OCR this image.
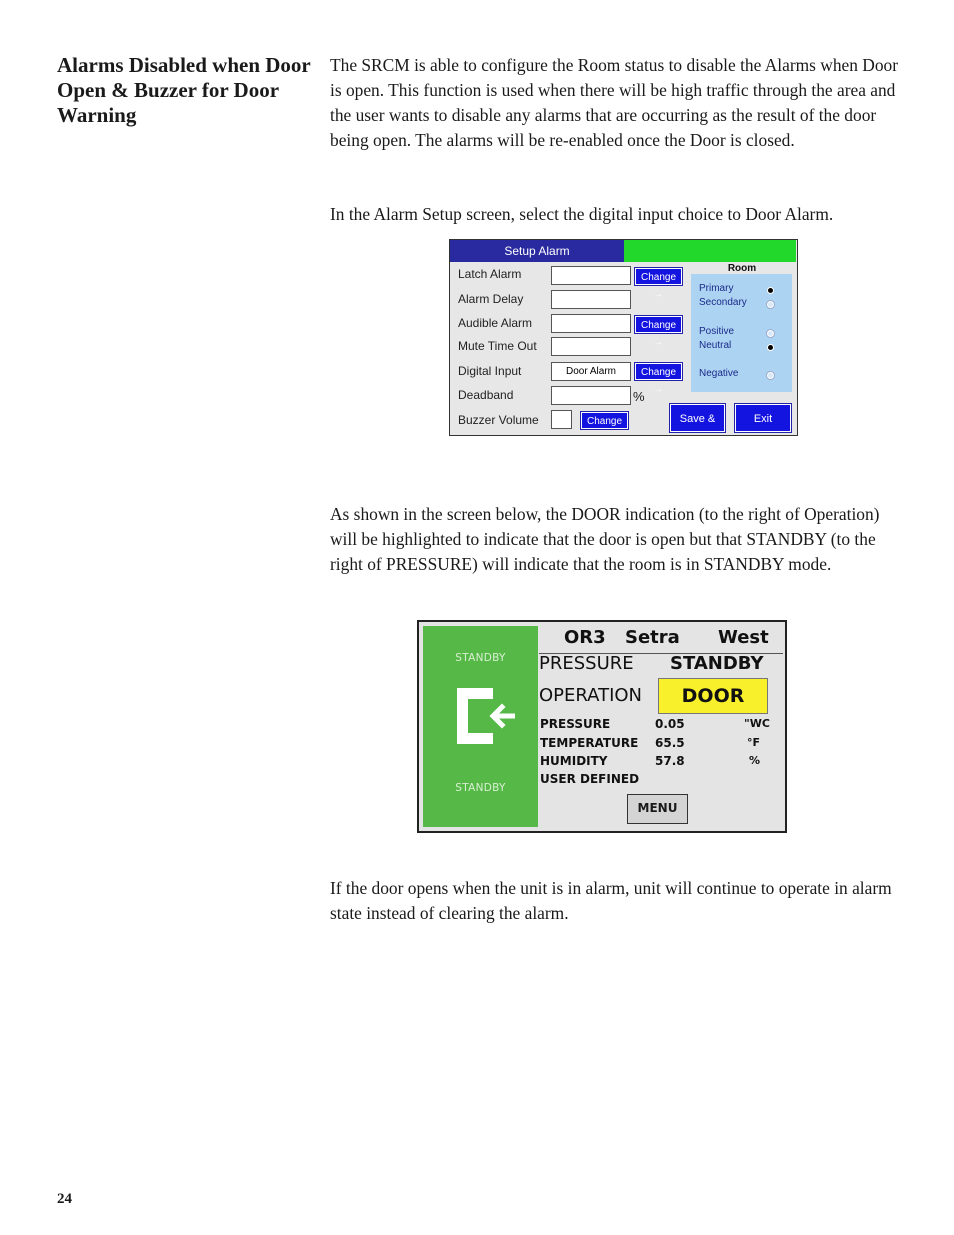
Alarms Disabled when Door Open & Buzzer for Door Warning

The SRCM is able to configure the Room status to disable the Alarms when Door is open. This function is used when there will be high traffic through the area and the user wants to disable any alarms that are occurring as the result of the door being open. The alarms will be re-enabled once the Door is closed.

In the Alarm Setup screen, select the digital input choice to Door Alarm.

Setup Alarm
Latch Alarm	Change →
Alarm Delay
Audible Alarm	Change →
Mute Time Out
Digital Input	Door Alarm	Change →
Deadband	%
Buzzer Volume	Change →
Room
Primary
Secondary
Positive
Neutral
Negative
Save & Exit
Exit

As shown in the screen below, the DOOR indication (to the right of Operation) will be highlighted to indicate that the door is open but that STANDBY (to the right of PRESSURE) will indicate that the room is in STANDBY mode.

STANDBY
STANDBY
OR3 Setra West
PRESSURE STANDBY
OPERATION	DOOR
PRESSURE	0.05	"WC
TEMPERATURE 65.5	°F
HUMIDITY	57.8	%
USER DEFINED
MENU

If the door opens when the unit is in alarm, unit will continue to operate in alarm state instead of clearing the alarm.

24
